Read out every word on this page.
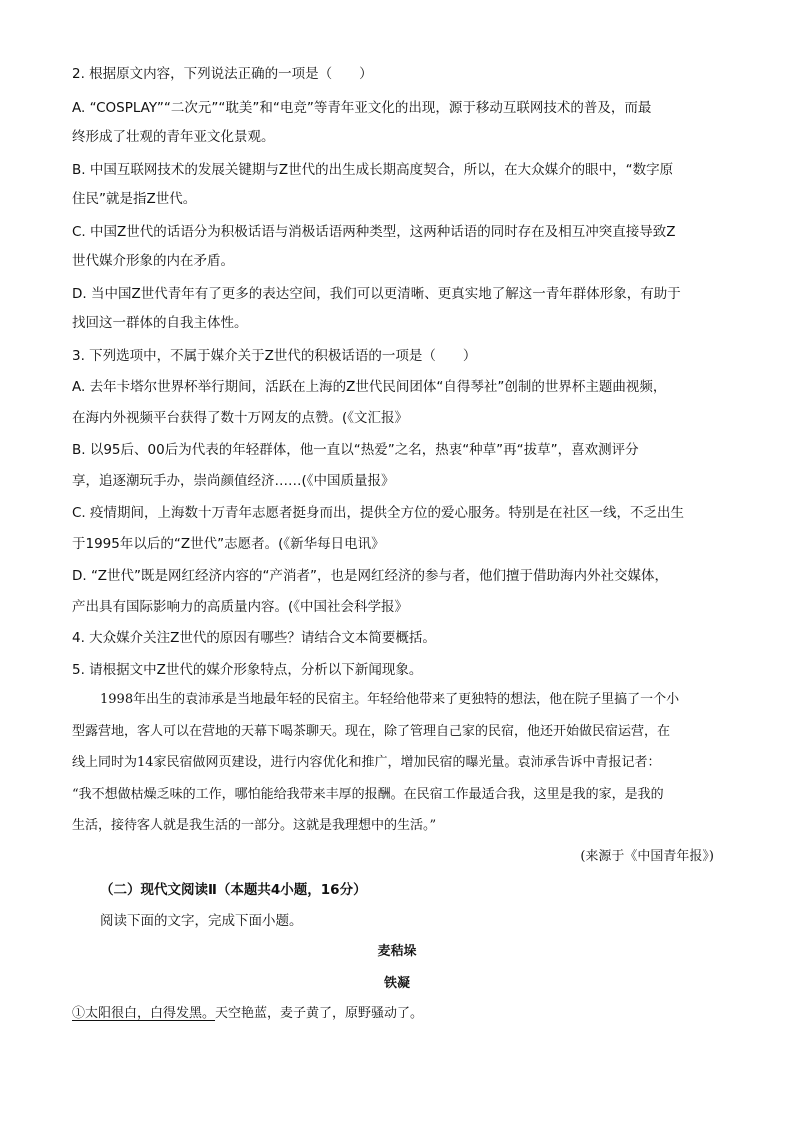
2. 根据原文内容，下列说法正确的一项是（　　）
A. “COSPLAY”“二次元”“耽美”和“电竞”等青年亚文化的出现，源于移动互联网技术的普及，而最
终形成了壮观的青年亚文化景观。
B. 中国互联网技术的发展关键期与Z世代的出生成长期高度契合，所以，在大众媒介的眼中，“数字原
住民”就是指Z世代。
C. 中国Z世代的话语分为积极话语与消极话语两种类型，这两种话语的同时存在及相互冲突直接导致Z
世代媒介形象的内在矛盾。
D. 当中国Z世代青年有了更多的表达空间，我们可以更清晰、更真实地了解这一青年群体形象，有助于
找回这一群体的自我主体性。
3. 下列选项中，不属于媒介关于Z世代的积极话语的一项是（　　）
A. 去年卡塔尔世界杯举行期间，活跃在上海的Z世代民间团体“自得琴社”创制的世界杯主题曲视频，
在海内外视频平台获得了数十万网友的点赞。(《文汇报》
B. 以95后、00后为代表的年轻群体，他一直以“热爱”之名，热衷“种草”再“拔草”，喜欢测评分
享，追逐潮玩手办，崇尚颜值经济……(《中国质量报》
C. 疫情期间，上海数十万青年志愿者挺身而出，提供全方位的爱心服务。特别是在社区一线，不乏出生
于1995年以后的“Z世代”志愿者。(《新华每日电讯》
D. “Z世代”既是网红经济内容的“产消者”，也是网红经济的参与者，他们擅于借助海内外社交媒体，
产出具有国际影响力的高质量内容。(《中国社会科学报》
4. 大众媒介关注Z世代的原因有哪些？请结合文本简要概括。
5. 请根据文中Z世代的媒介形象特点，分析以下新闻现象。
1998年出生的袁沛承是当地最年轻的民宿主。年轻给他带来了更独特的想法，他在院子里搞了一个小
型露营地，客人可以在营地的天幕下喝茶聊天。现在，除了管理自己家的民宿，他还开始做民宿运营，在
线上同时为14家民宿做网页建设，进行内容优化和推广，增加民宿的曝光量。袁沛承告诉中青报记者：
“我不想做枯燥乏味的工作，哪怕能给我带来丰厚的报酬。在民宿工作最适合我，这里是我的家，是我的
生活，接待客人就是我生活的一部分。这就是我理想中的生活。”
(来源于《中国青年报》)
（二）现代文阅读Ⅱ（本题共4小题，16分）
阅读下面的文字，完成下面小题。
麦秸垛
铁凝
①太阳很白，白得发黑。天空艳蓝，麦子黄了，原野骚动了。
